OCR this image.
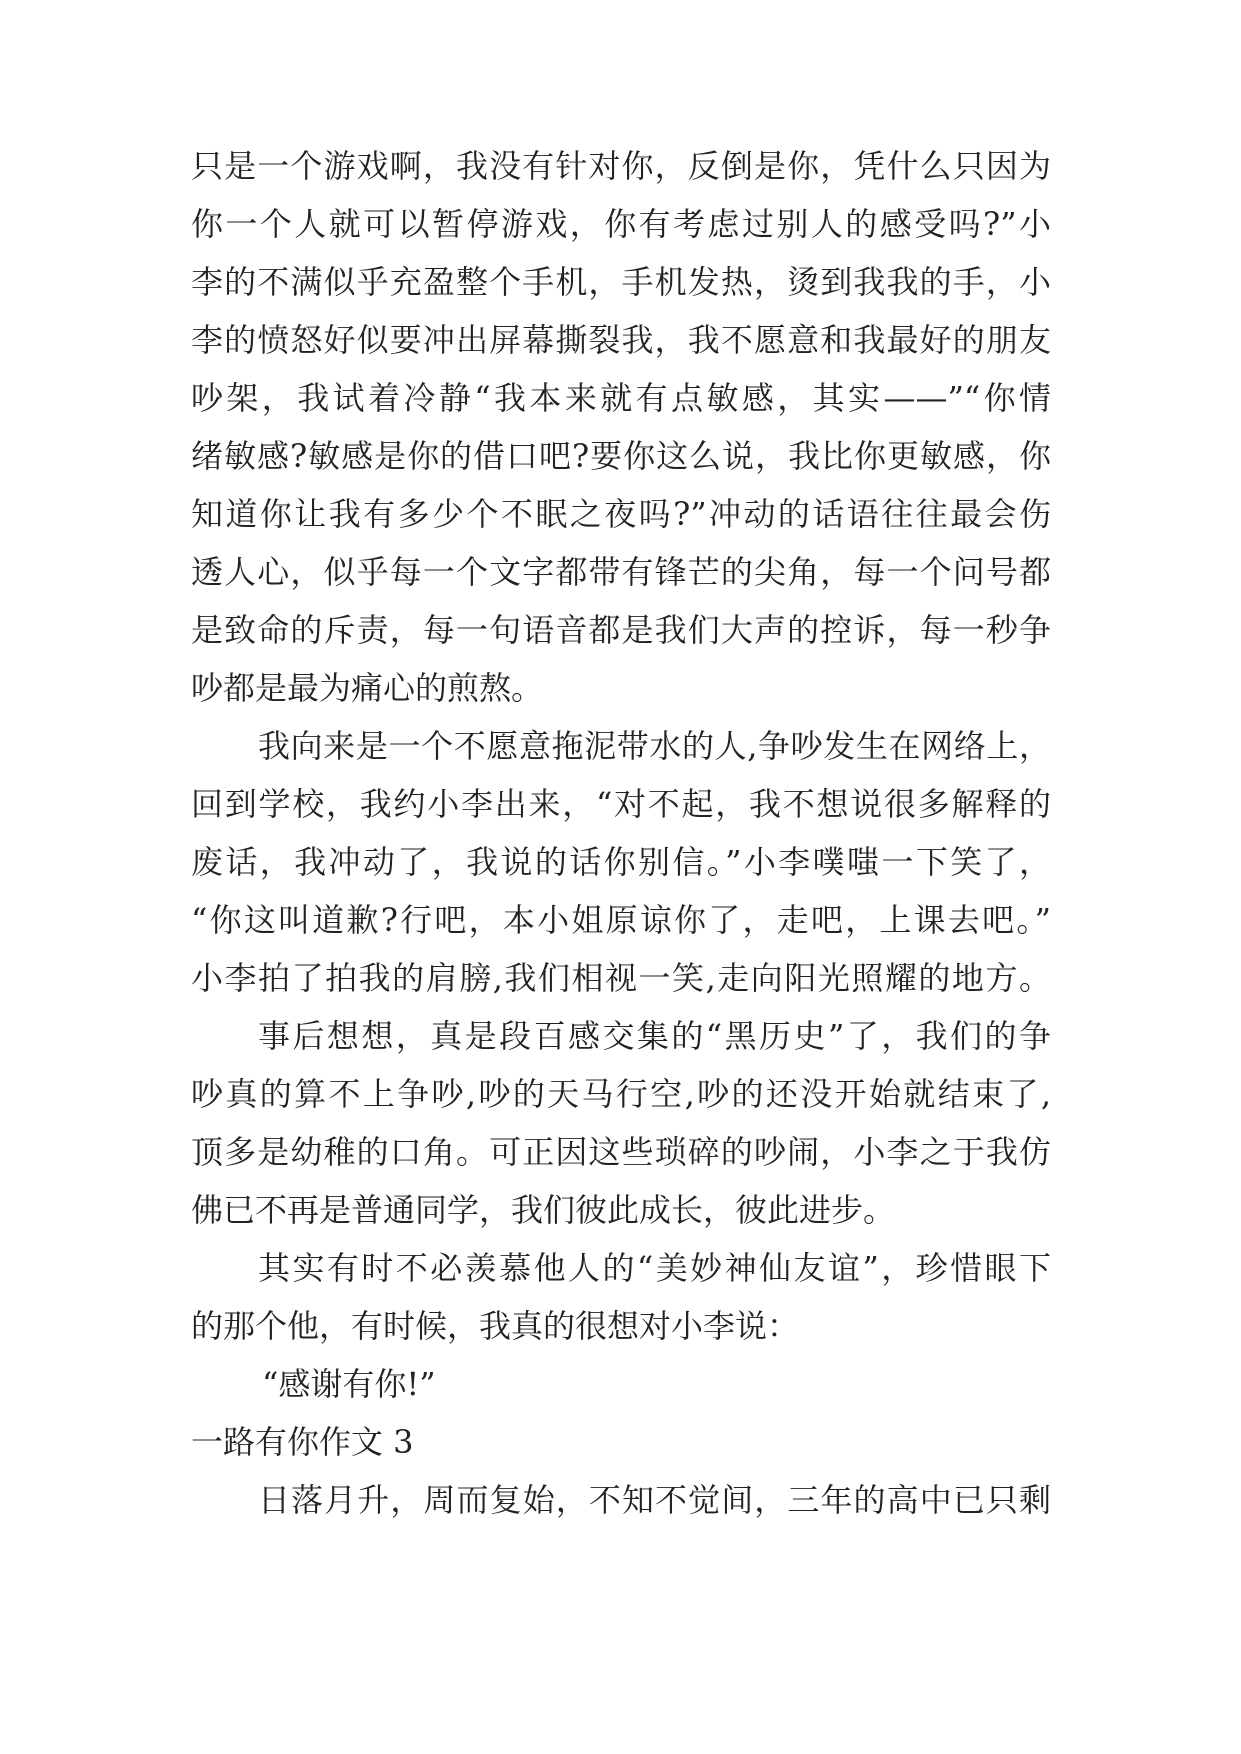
只是一个游戏啊，我没有针对你，反倒是你，凭什么只因为
你一个人就可以暂停游戏，你有考虑过别人的感受吗?”小
李的不满似乎充盈整个手机，手机发热，烫到我我的手，小
李的愤怒好似要冲出屏幕撕裂我，我不愿意和我最好的朋友
吵架，我试着冷静“我本来就有点敏感，其实——”“你情
绪敏感?敏感是你的借口吧?要你这么说，我比你更敏感，你
知道你让我有多少个不眠之夜吗?”冲动的话语往往最会伤
透人心，似乎每一个文字都带有锋芒的尖角，每一个问号都
是致命的斥责，每一句语音都是我们大声的控诉，每一秒争
吵都是最为痛心的煎熬。
我向来是一个不愿意拖泥带水的人,争吵发生在网络上，
回到学校，我约小李出来，“对不起，我不想说很多解释的
废话，我冲动了，我说的话你别信。”小李噗嗤一下笑了，
“你这叫道歉?行吧，本小姐原谅你了，走吧，上课去吧。”
小李拍了拍我的肩膀,我们相视一笑,走向阳光照耀的地方。
事后想想，真是段百感交集的“黑历史”了，我们的争
吵真的算不上争吵,吵的天马行空,吵的还没开始就结束了,
顶多是幼稚的口角。可正因这些琐碎的吵闹，小李之于我仿
佛已不再是普通同学，我们彼此成长，彼此进步。
其实有时不必羡慕他人的“美妙神仙友谊”，珍惜眼下
的那个他，有时候，我真的很想对小李说：
“感谢有你!”
一路有你作文 3
日落月升，周而复始，不知不觉间，三年的高中已只剩
